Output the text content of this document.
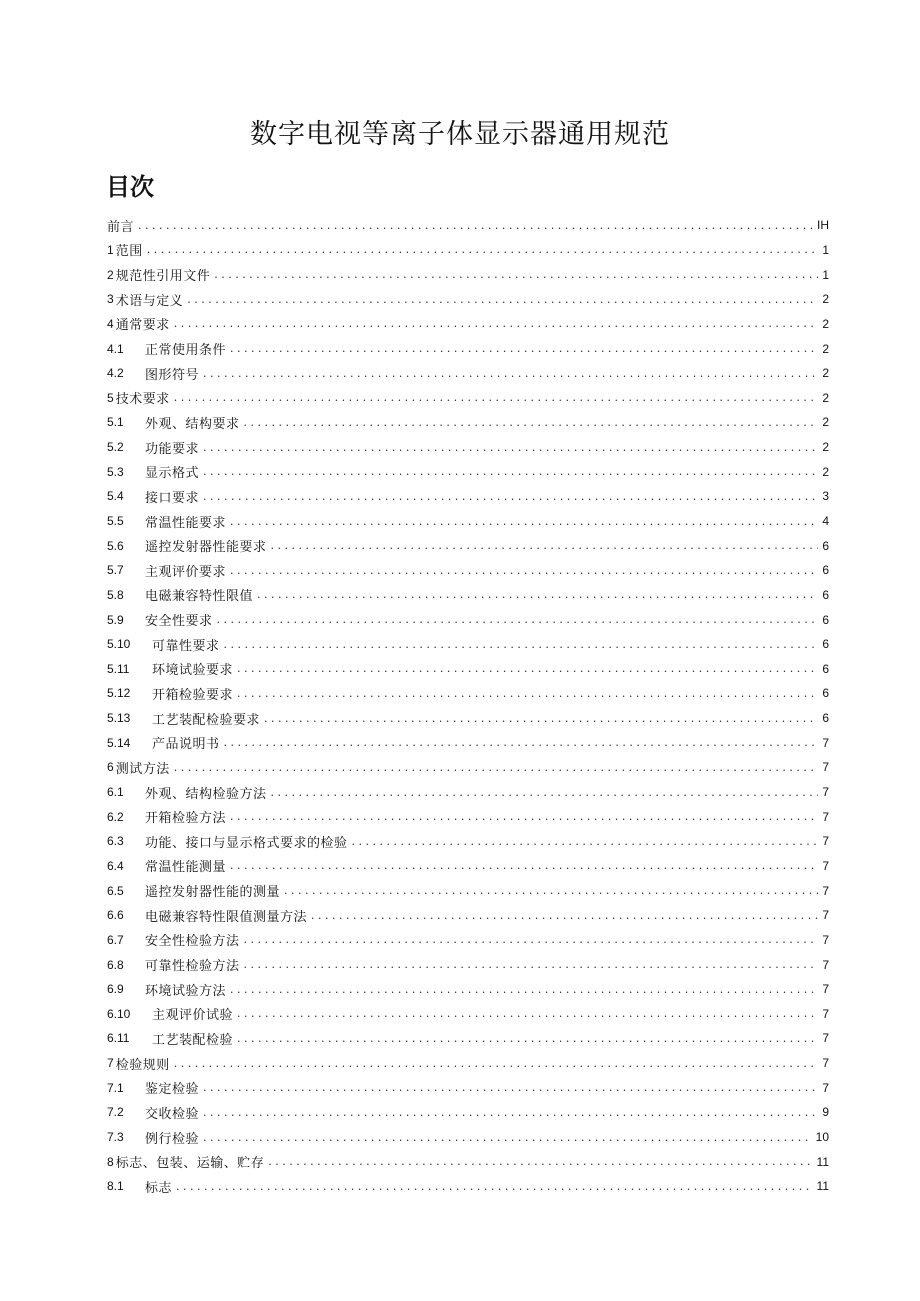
数字电视等离子体显示器通用规范
目次
前言 .....	IH
1 范围 .....	1
2 规范性引用文件 .....	1
3 术语与定义 .....	2
4 通常要求 .....	2
4.1	正常使用条件 .....	2
4.2	图形符号 .....	2
5 技术要求 .....	2
5.1	外观、结构要求 .....	2
5.2	功能要求 .....	2
5.3	显示格式 .....	2
5.4	接口要求 .....	3
5.5	常温性能要求 .....	4
5.6	遥控发射器性能要求 .....	6
5.7	主观评价要求 .....	6
5.8	电磁兼容特性限值 .....	6
5.9	安全性要求 .....	6
5.10	可靠性要求 .....	6
5.11	环境试验要求 .....	6
5.12	开箱检验要求 .....	6
5.13	工艺装配检验要求 .....	6
5.14	产品说明书 .....	7
6 测试方法 .....	7
6.1	外观、结构检验方法 .....	7
6.2	开箱检验方法 .....	7
6.3	功能、接口与显示格式要求的检验 .....	7
6.4	常温性能测量 .....	7
6.5	遥控发射器性能的测量 .....	7
6.6	电磁兼容特性限值测量方法 .....	7
6.7	安全性检验方法 .....	7
6.8	可靠性检验方法 .....	7
6.9	环境试验方法 .....	7
6.10	主观评价试验 .....	7
6.11	工艺装配检验 .....	7
7 检验规则 .....	7
7.1	鉴定检验 .....	7
7.2	交收检验 .....	9
7.3	例行检验 .....	10
8 标志、包装、运输、贮存 .....	11
8.1	标志 .....	11
